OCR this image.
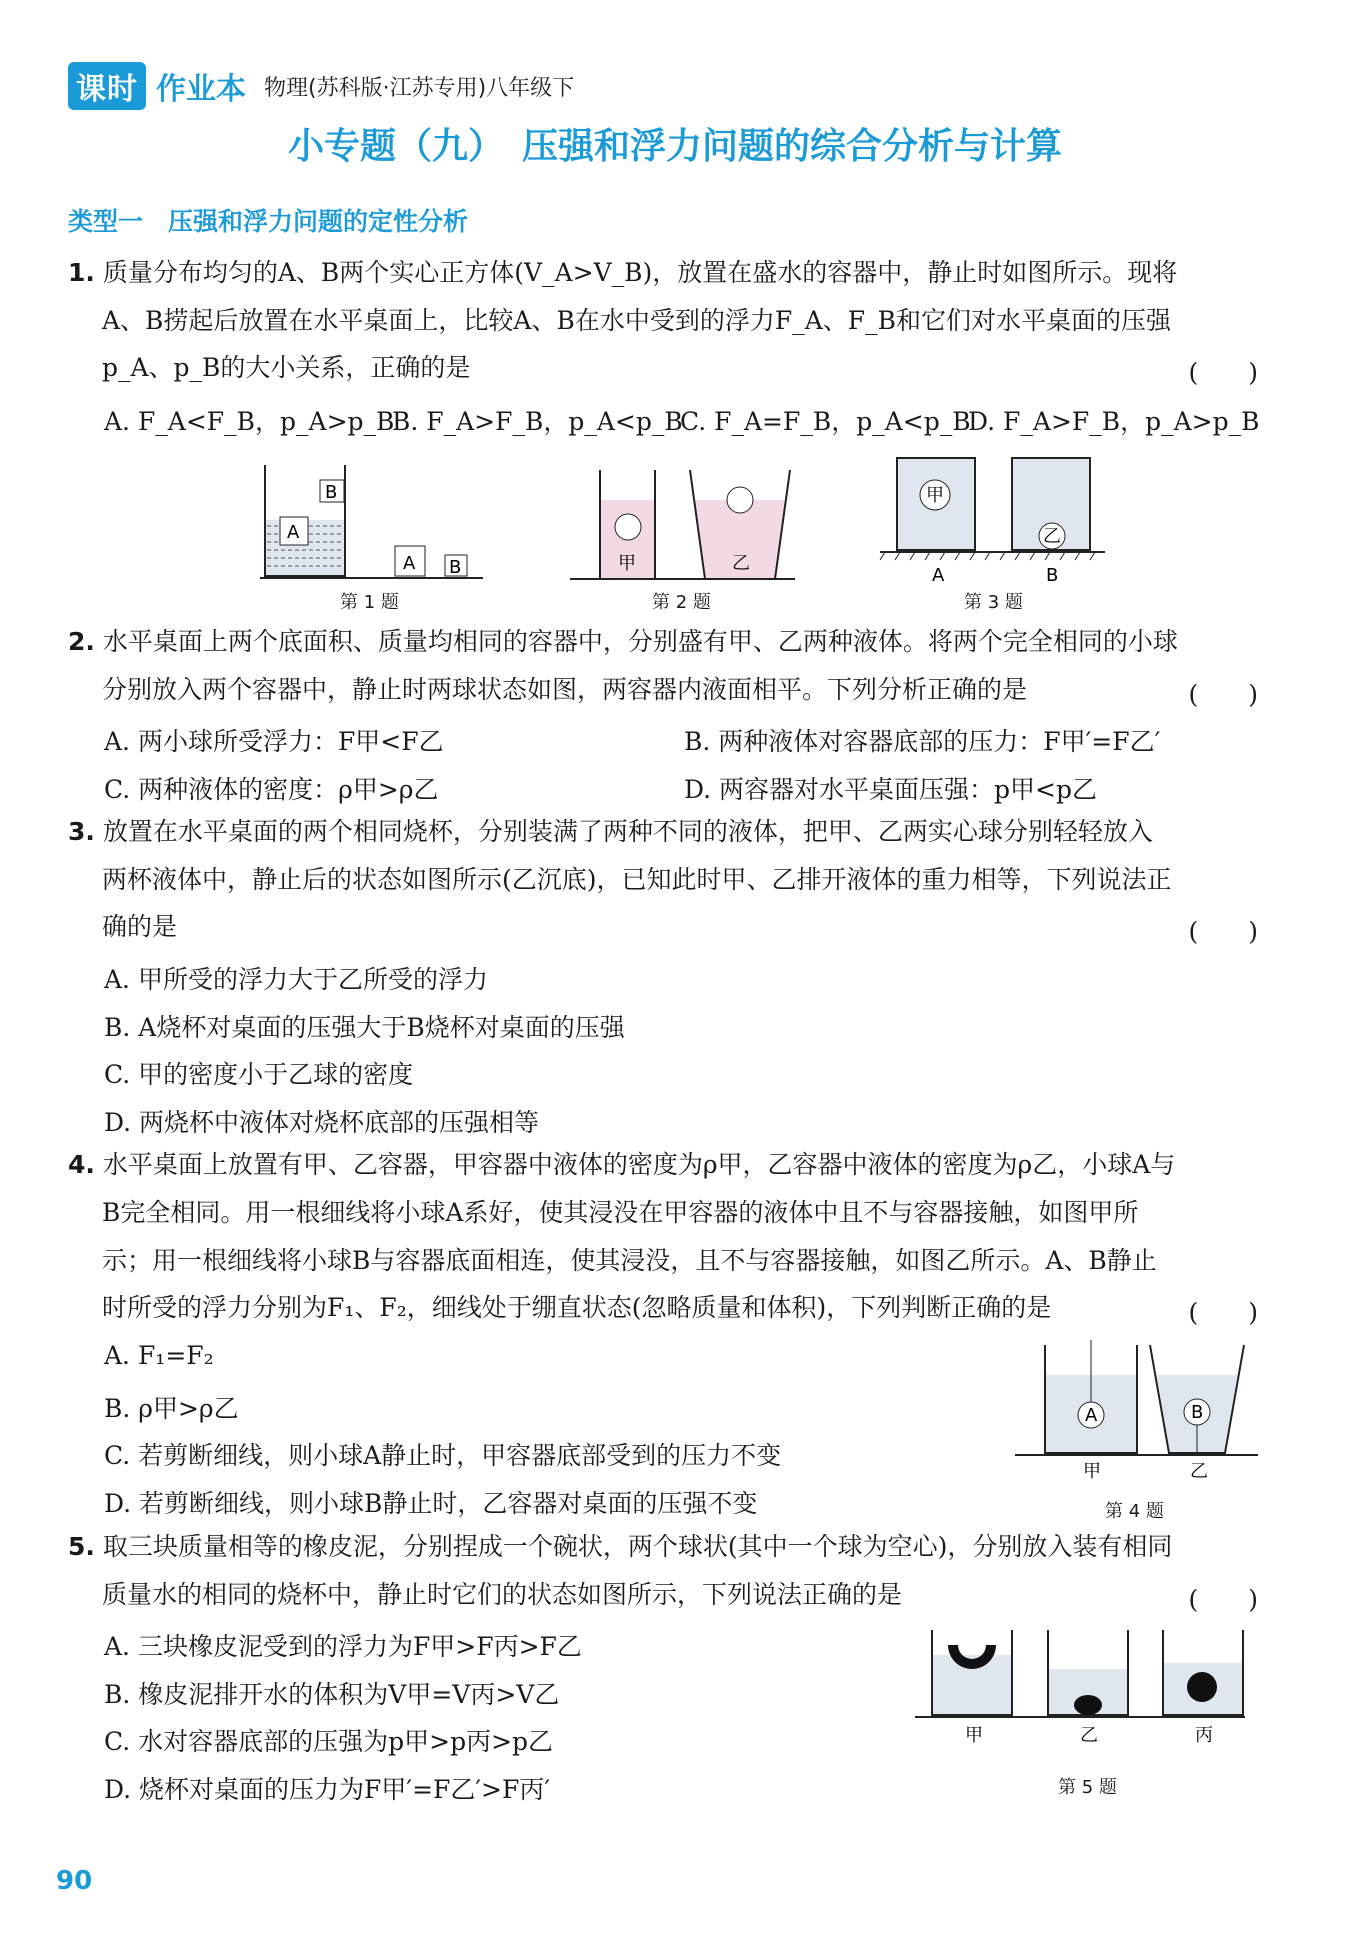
课时 作业本 物理(苏科版·江苏专用)八年级下
小专题（九）　压强和浮力问题的综合分析与计算
类型一　压强和浮力问题的定性分析
1. 质量分布均匀的A、B两个实心正方体(V_A>V_B)，放置在盛水的容器中，静止时如图所示。现将
A、B捞起后放置在水平桌面上，比较A、B在水中受到的浮力F_A、F_B和它们对水平桌面的压强
p_A、p_B的大小关系，正确的是	(　　)
A. F_A<F_B，p_A>p_B
B. F_A>F_B，p_A<p_B
C. F_A=F_B，p_A<p_B
D. F_A>F_B，p_A>p_B
B
A
A B
第 1 题
甲	乙
第 2 题
甲
乙
A	B
第 3 题
2. 水平桌面上两个底面积、质量均相同的容器中，分别盛有甲、乙两种液体。将两个完全相同的小球
分别放入两个容器中，静止时两球状态如图，两容器内液面相平。下列分析正确的是	(　　)
A. 两小球所受浮力：F甲<F乙	B. 两种液体对容器底部的压力：F甲′=F乙′
C. 两种液体的密度：ρ甲>ρ乙	D. 两容器对水平桌面压强：p甲<p乙
3. 放置在水平桌面的两个相同烧杯，分别装满了两种不同的液体，把甲、乙两实心球分别轻轻放入
两杯液体中，静止后的状态如图所示(乙沉底)，已知此时甲、乙排开液体的重力相等，下列说法正
确的是	(　　)
A. 甲所受的浮力大于乙所受的浮力
B. A烧杯对桌面的压强大于B烧杯对桌面的压强
C. 甲的密度小于乙球的密度
D. 两烧杯中液体对烧杯底部的压强相等
4. 水平桌面上放置有甲、乙容器，甲容器中液体的密度为ρ甲，乙容器中液体的密度为ρ乙，小球A与
B完全相同。用一根细线将小球A系好，使其浸没在甲容器的液体中且不与容器接触，如图甲所
示；用一根细线将小球B与容器底面相连，使其浸没，且不与容器接触，如图乙所示。A、B静止
时所受的浮力分别为F₁、F₂，细线处于绷直状态(忽略质量和体积)，下列判断正确的是	(　　)
A. F₁=F₂
B. ρ甲>ρ乙
C. 若剪断细线，则小球A静止时，甲容器底部受到的压力不变
D. 若剪断细线，则小球B静止时，乙容器对桌面的压强不变
A	B
甲	乙
第 4 题
5. 取三块质量相等的橡皮泥，分别捏成一个碗状，两个球状(其中一个球为空心)，分别放入装有相同
质量水的相同的烧杯中，静止时它们的状态如图所示，下列说法正确的是	(　　)
A. 三块橡皮泥受到的浮力为F甲>F丙>F乙
B. 橡皮泥排开水的体积为V甲=V丙>V乙
C. 水对容器底部的压强为p甲>p丙>p乙
D. 烧杯对桌面的压力为F甲′=F乙′>F丙′
甲	乙	丙
第 5 题
90
